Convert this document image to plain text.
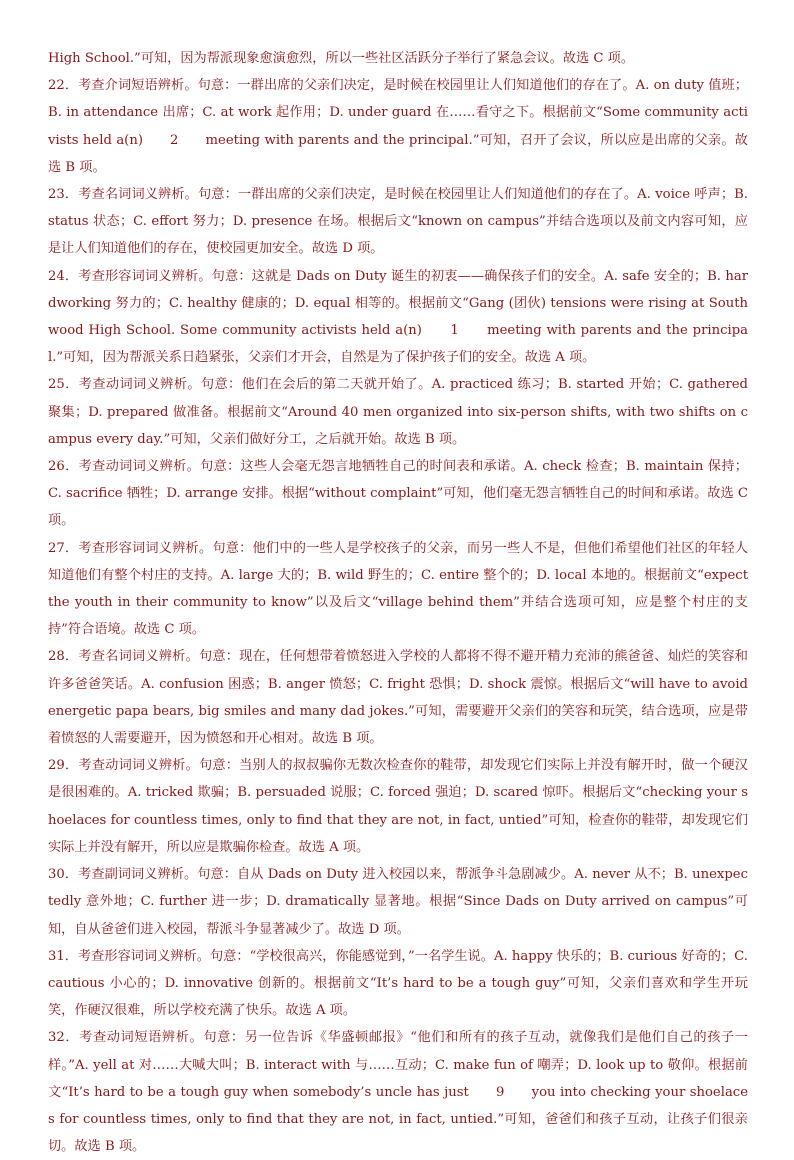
High School.”可知，因为帮派现象愈演愈烈，所以一些社区活跃分子举行了紧急会议。故选 C 项。

22．考查介词短语辨析。句意：一群出席的父亲们决定，是时候在校园里让人们知道他们的存在了。A. on duty 值班；B. in attendance 出席；C. at work 起作用；D. under guard 在……看守之下。根据前文“Some community activists held a(n)　　2　　meeting with parents and the principal.”可知，召开了会议，所以应是出席的父亲。故选 B 项。

23．考查名词词义辨析。句意：一群出席的父亲们决定，是时候在校园里让人们知道他们的存在了。A. voice 呼声；B. status 状态；C. effort 努力；D. presence 在场。根据后文“known on campus”并结合选项以及前文内容可知，应是让人们知道他们的存在，使校园更加安全。故选 D 项。

24．考查形容词词义辨析。句意：这就是 Dads on Duty 诞生的初衷——确保孩子们的安全。A. safe 安全的；B. hardworking 努力的；C. healthy 健康的；D. equal 相等的。根据前文“Gang (团伙) tensions were rising at Southwood High School. Some community activists held a(n)　　1　　meeting with parents and the principal.”可知，因为帮派关系日趋紧张，父亲们才开会，自然是为了保护孩子们的安全。故选 A 项。

25．考查动词词义辨析。句意：他们在会后的第二天就开始了。A. practiced 练习；B. started 开始；C. gathered 聚集；D. prepared 做准备。根据前文“Around 40 men organized into six-person shifts, with two shifts on campus every day.”可知，父亲们做好分工，之后就开始。故选 B 项。

26．考查动词词义辨析。句意：这些人会毫无怨言地牺牲自己的时间表和承诺。A. check 检查；B. maintain 保持；C. sacrifice 牺牲；D. arrange 安排。根据“without complaint”可知，他们毫无怨言牺牲自己的时间和承诺。故选 C 项。

27．考查形容词词义辨析。句意：他们中的一些人是学校孩子的父亲，而另一些人不是，但他们希望他们社区的年轻人知道他们有整个村庄的支持。A. large 大的；B. wild 野生的；C. entire 整个的；D. local 本地的。根据前文“expect the youth in their community to know”以及后文“village behind them”并结合选项可知，应是整个村庄的支持”符合语境。故选 C 项。

28．考查名词词义辨析。句意：现在，任何想带着愤怒进入学校的人都将不得不避开精力充沛的熊爸爸、灿烂的笑容和许多爸爸笑话。A. confusion 困惑；B. anger 愤怒；C. fright 恐惧；D. shock 震惊。根据后文“will have to avoid energetic papa bears, big smiles and many dad jokes.”可知，需要避开父亲们的笑容和玩笑，结合选项，应是带着愤怒的人需要避开，因为愤怒和开心相对。故选 B 项。

29．考查动词词义辨析。句意：当别人的叔叔骗你无数次检查你的鞋带，却发现它们实际上并没有解开时，做一个硬汉是很困难的。A. tricked 欺骗；B. persuaded 说服；C. forced 强迫；D. scared 惊吓。根据后文“checking your shoelaces for countless times, only to find that they are not, in fact, untied”可知，检查你的鞋带，却发现它们实际上并没有解开，所以应是欺骗你检查。故选 A 项。

30．考查副词词义辨析。句意：自从 Dads on Duty 进入校园以来，帮派争斗急剧减少。A. never 从不；B. unexpectedly 意外地；C. further 进一步；D. dramatically 显著地。根据“Since Dads on Duty arrived on campus”可知，自从爸爸们进入校园，帮派斗争显著减少了。故选 D 项。

31．考查形容词词义辨析。句意：“学校很高兴，你能感觉到，”一名学生说。A. happy 快乐的；B. curious 好奇的；C. cautious 小心的；D. innovative 创新的。根据前文“It’s hard to be a tough guy”可知，父亲们喜欢和学生开玩笑，作硬汉很难，所以学校充满了快乐。故选 A 项。

32．考查动词短语辨析。句意：另一位告诉《华盛顿邮报》“他们和所有的孩子互动，就像我们是他们自己的孩子一样。”A. yell at 对……大喊大叫；B. interact with 与……互动；C. make fun of 嘲弄；D. look up to 敬仰。根据前文“It’s hard to be a tough guy when somebody’s uncle has just　　9　　you into checking your shoelaces for countless times, only to find that they are not, in fact, untied.”可知，爸爸们和孩子互动，让孩子们很亲切。故选 B 项。
